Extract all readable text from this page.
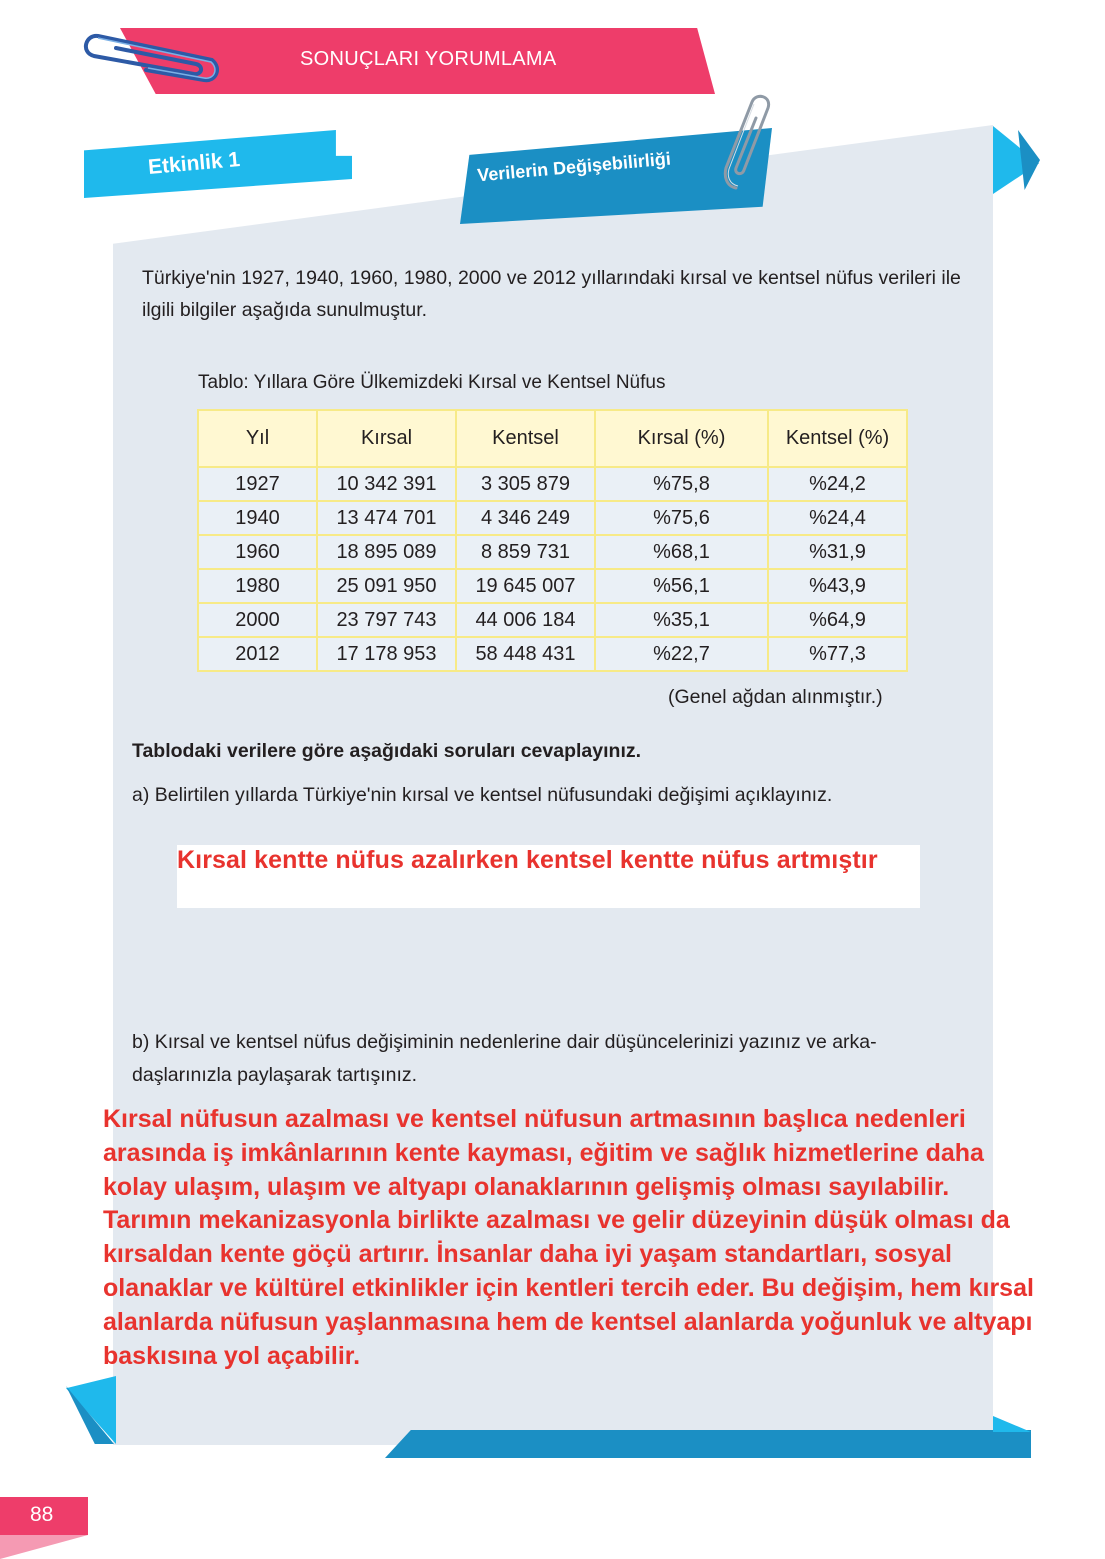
SONUÇLARI YORUMLAMA
Etkinlik 1	Verilerin Değişebilirliği
Türkiye'nin 1927, 1940, 1960, 1980, 2000 ve 2012 yıllarındaki kırsal ve kentsel nüfus verileri ile ilgili bilgiler aşağıda sunulmuştur.
Tablo: Yıllara Göre Ülkemizdeki Kırsal ve Kentsel Nüfus
Yıl	Kırsal	Kentsel	Kırsal (%)	Kentsel (%)
1927	10 342 391	3 305 879	%75,8	%24,2
1940	13 474 701	4 346 249	%75,6	%24,4
1960	18 895 089	8 859 731	%68,1	%31,9
1980	25 091 950	19 645 007	%56,1	%43,9
2000	23 797 743	44 006 184	%35,1	%64,9
2012	17 178 953	58 448 431	%22,7	%77,3
(Genel ağdan alınmıştır.)
Tablodaki verilere göre aşağıdaki soruları cevaplayınız.
a) Belirtilen yıllarda Türkiye'nin kırsal ve kentsel nüfusundaki değişimi açıklayınız.
Kırsal kentte nüfus azalırken kentsel kentte nüfus artmıştır
b) Kırsal ve kentsel nüfus değişiminin nedenlerine dair düşüncelerinizi yazınız ve arka-daşlarınızla paylaşarak tartışınız.
Kırsal nüfusun azalması ve kentsel nüfusun artmasının başlıca nedenleri arasında iş imkânlarının kente kayması, eğitim ve sağlık hizmetlerine daha kolay ulaşım, ulaşım ve altyapı olanaklarının gelişmiş olması sayılabilir. Tarımın mekanizasyonla birlikte azalması ve gelir düzeyinin düşük olması da kırsaldan kente göçü artırır. İnsanlar daha iyi yaşam standartları, sosyal olanaklar ve kültürel etkinlikler için kentleri tercih eder. Bu değişim, hem kırsal alanlarda nüfusun yaşlanmasına hem de kentsel alanlarda yoğunluk ve altyapı baskısına yol açabilir.
88
